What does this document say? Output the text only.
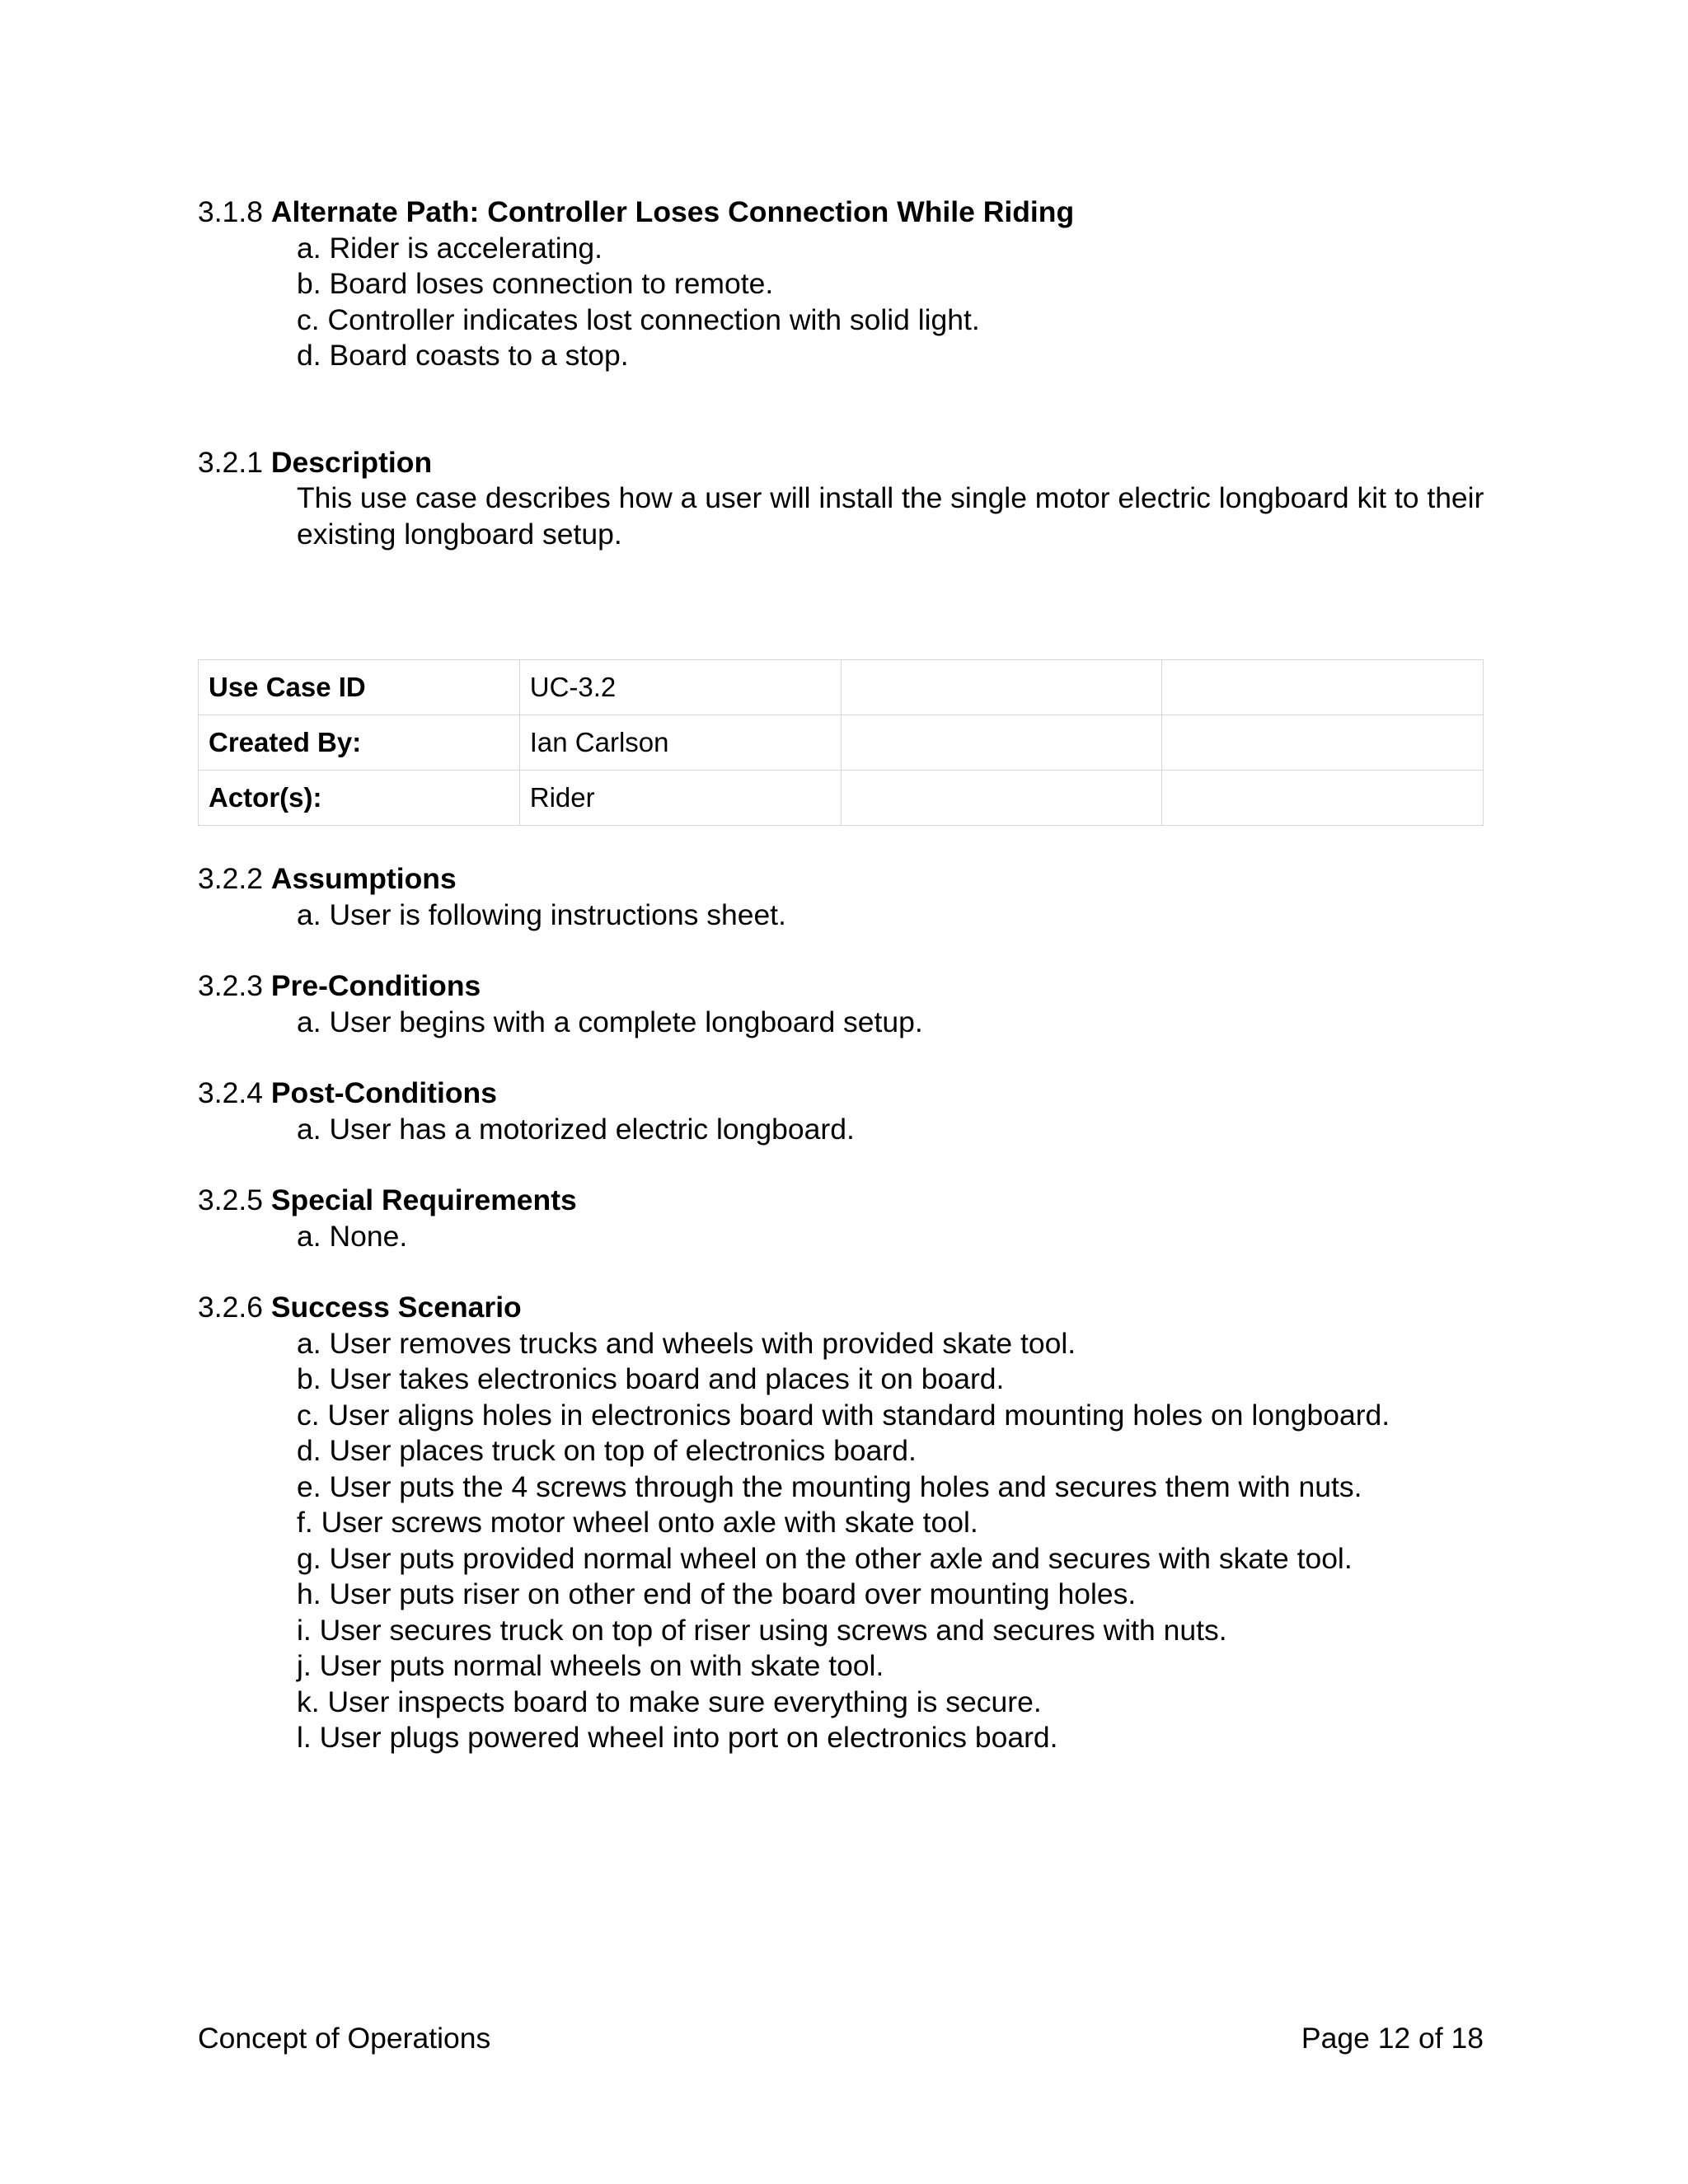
3.1.8 Alternate Path: Controller Loses Connection While Riding

a. Rider is accelerating.
b. Board loses connection to remote.
c. Controller indicates lost connection with solid light.
d. Board coasts to a stop.

3.2.1 Description

This use case describes how a user will install the single motor electric longboard kit to their existing longboard setup.

Use Case ID	UC-3.2		
Created By:	Ian Carlson		
Actor(s):	Rider		

3.2.2 Assumptions

a. User is following instructions sheet.

3.2.3 Pre-Conditions

a. User begins with a complete longboard setup.

3.2.4 Post-Conditions

a. User has a motorized electric longboard.

3.2.5 Special Requirements

a. None.

3.2.6 Success Scenario

a. User removes trucks and wheels with provided skate tool.
b. User takes electronics board and places it on board.
c. User aligns holes in electronics board with standard mounting holes on longboard.
d. User places truck on top of electronics board.
e. User puts the 4 screws through the mounting holes and secures them with nuts.
f. User screws motor wheel onto axle with skate tool.
g. User puts provided normal wheel on the other axle and secures with skate tool.
h. User puts riser on other end of the board over mounting holes.
i. User secures truck on top of riser using screws and secures with nuts.
j. User puts normal wheels on with skate tool.
k. User inspects board to make sure everything is secure.
l. User plugs powered wheel into port on electronics board.
Concept of Operations	Page 12 of 18
